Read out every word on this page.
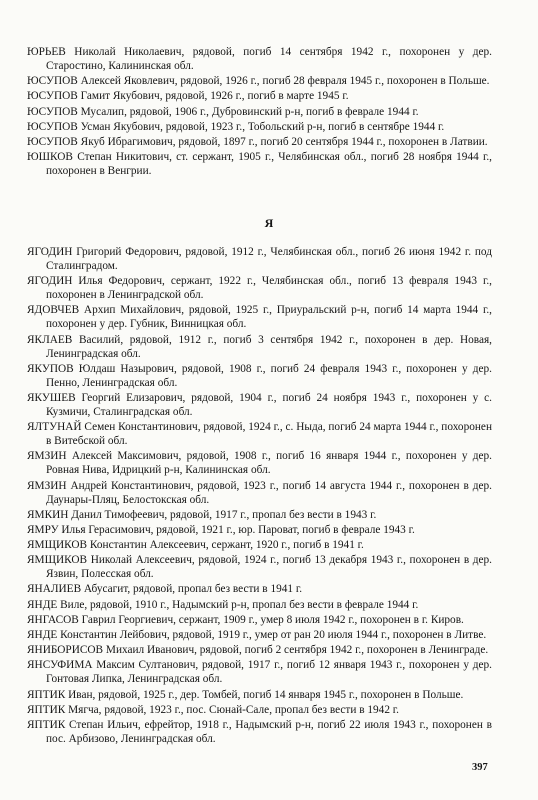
ЮРЬЕВ Николай Николаевич, рядовой, погиб 14 сентября 1942 г., похоронен у дер. Старостино, Калининская обл.

ЮСУПОВ Алексей Яковлевич, рядовой, 1926 г., погиб 28 февраля 1945 г., похоронен в Польше.

ЮСУПОВ Гамит Якубович, рядовой, 1926 г., погиб в марте 1945 г.

ЮСУПОВ Мусалип, рядовой, 1906 г., Дубровинский р-н, погиб в феврале 1944 г.

ЮСУПОВ Усман Якубович, рядовой, 1923 г., Тобольский р-н, погиб в сентябре 1944 г.

ЮСУПОВ Якуб Ибрагимович, рядовой, 1897 г., погиб 20 сентября 1944 г., похоронен в Латвии.

ЮШКОВ Степан Никитович, ст. сержант, 1905 г., Челябинская обл., погиб 28 ноября 1944 г., похоронен в Венгрии.

Я

ЯГОДИН Григорий Федорович, рядовой, 1912 г., Челябинская обл., погиб 26 июня 1942 г. под Сталинградом.

ЯГОДИН Илья Федорович, сержант, 1922 г., Челябинская обл., погиб 13 февраля 1943 г., похоронен в Ленинградской обл.

ЯДОВЧЕВ Архип Михайлович, рядовой, 1925 г., Приуральский р-н, погиб 14 марта 1944 г., похоронен у дер. Губник, Винницкая обл.

ЯКЛАЕВ Василий, рядовой, 1912 г., погиб 3 сентября 1942 г., похоронен в дер. Новая, Ленинградская обл.

ЯКУПОВ Юлдаш Назырович, рядовой, 1908 г., погиб 24 февраля 1943 г., похоронен у дер. Пенно, Ленинградская обл.

ЯКУШЕВ Георгий Елизарович, рядовой, 1904 г., погиб 24 ноября 1943 г., похоронен у с. Кузмичи, Сталинградская обл.

ЯЛТУНАЙ Семен Константинович, рядовой, 1924 г., с. Ныда, погиб 24 марта 1944 г., похоронен в Витебской обл.

ЯМЗИН Алексей Максимович, рядовой, 1908 г., погиб 16 января 1944 г., похоронен у дер. Ровная Нива, Идрицкий р-н, Калининская обл.

ЯМЗИН Андрей Константинович, рядовой, 1923 г., погиб 14 августа 1944 г., похоронен в дер. Даунары-Пляц, Белостокская обл.

ЯМКИН Данил Тимофеевич, рядовой, 1917 г., пропал без вести в 1943 г.

ЯМРУ Илья Герасимович, рядовой, 1921 г., юр. Пароват, погиб в феврале 1943 г.

ЯМЩИКОВ Константин Алексеевич, сержант, 1920 г., погиб в 1941 г.

ЯМЩИКОВ Николай Алексеевич, рядовой, 1924 г., погиб 13 декабря 1943 г., похоронен в дер. Язвин, Полесская обл.

ЯНАЛИЕВ Абусагит, рядовой, пропал без вести в 1941 г.

ЯНДЕ Виле, рядовой, 1910 г., Надымский р-н, пропал без вести в феврале 1944 г.

ЯНГАСОВ Гаврил Георгиевич, сержант, 1909 г., умер 8 июля 1942 г., похоронен в г. Киров.

ЯНДЕ Константин Лейбович, рядовой, 1919 г., умер от ран 20 июля 1944 г., похоронен в Литве.

ЯНИБОРИСОВ Михаил Иванович, рядовой, погиб 2 сентября 1942 г., похоронен в Ленинграде.

ЯНСУФИМА Максим Султанович, рядовой, 1917 г., погиб 12 января 1943 г., похоронен у дер. Гонтовая Липка, Ленинградская обл.

ЯПТИК Иван, рядовой, 1925 г., дер. Томбей, погиб 14 января 1945 г., похоронен в Польше.

ЯПТИК Мягча, рядовой, 1923 г., пос. Сюнай-Сале, пропал без вести в 1942 г.

ЯПТИК Степан Ильич, ефрейтор, 1918 г., Надымский р-н, погиб 22 июля 1943 г., похоронен в пос. Арбизово, Ленинградская обл.

397
